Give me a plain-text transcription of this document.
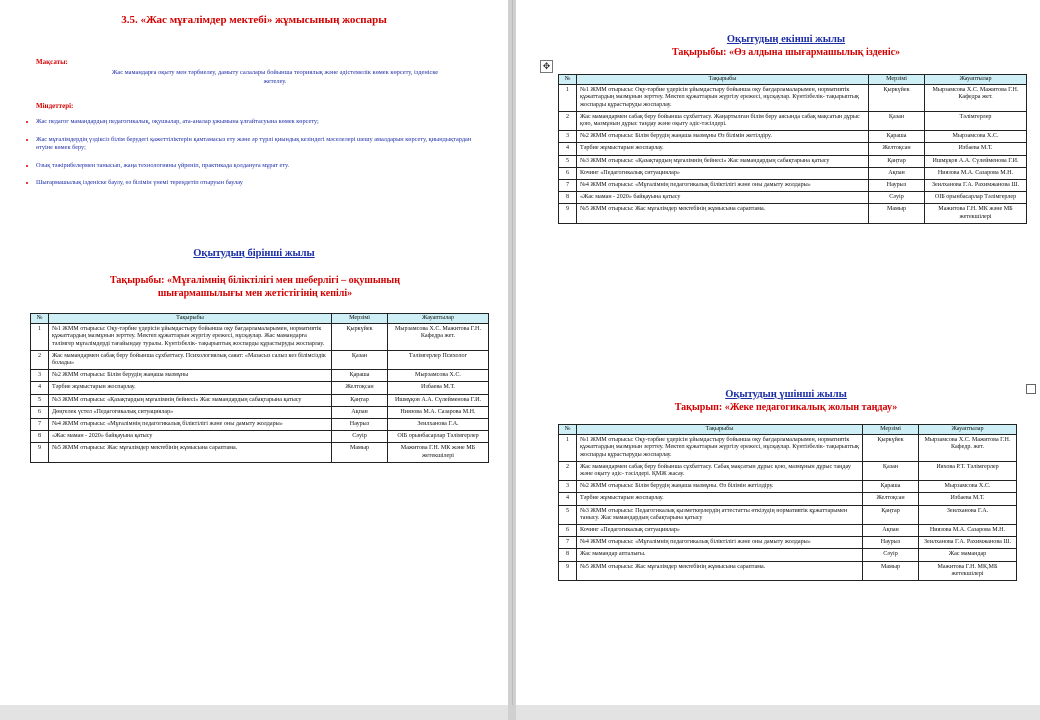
3.5. «Жас мұғалімдер мектебі» жұмысының жоспары
Мақсаты:
Жас мамандарға оқыту мен тәрбиелеу, дамыту салалары бойынша теориялық және әдістемелік көмек көрсету, ізденіске жетелеу.
Міндеттері:
• Жас педагог мамандардың педагогикалық, оқушылар, ата-аналар ұжымына ұлғайтасуына көмек көрсету;
• Жас мұғалімдердің үздіксіз білім берудегі қажеттіліктерін қамтамасыз ету және әр түрлі қиындық кезіндегі мәселелері шешу амалдарын көрсету, қиындықтардан өтуіне көмек беру;
• Озық тәжірибелермен танысып, жаңа технологияны үйреніп, практикада қолдануға мұрат ету.
• Шығармашылық ізденіске баулу, өз білімін үнемі тереңдетіп отыруын баулау
Оқытудың бірінші жылы
Тақырыбы: «Мұғалімнің біліктілігі мен шеберлігі – оқушының шығармашылығы мен жетістігінің кепілі»
№	Тақырыбы	Мерзімі	Жауаптылар
1	№1 ЖММ отырысы: Оқу-тәрбие үдерісін ұйымдастыру бойынша оқу бағдарламаларымен, нормативтік құжаттардың мазмұнын зерттеу. Мектеп құжаттарын жүргізу ережесі, нұсқаулар. Жас мамандарға тәлімгер мұғалімдерді тағайындау туралы. Күнтізбелік- тақырыптық жоспарды құрастыруды жоспарлау.	Қыркүйек	Мырзамсова Х.С. Мажитова Г.Н. Кафедра жет.
2	Жас мамандармен сабақ беру бойынша сұхбаттасу. Психологиялық саяат: «Мазасыз салыз кез білімсіздік болады»	Қазан	Тәлімгерлер Психолог
3	№2 ЖММ отырысы: Білім берудің жаңаша мазмұны	Қараша	Мырзамсова Х.С.
4	Тәрбие жұмыстарын жоспарлау.	Желтоқсан	Избаева М.Т.
5	№3 ЖММ отырысы: «Қазақтардың мұғалімнің бейнесі» Жас мамандардың сабақтарына қатысу	Қаңтар	Ишмұқов А.А. Сүлейменова Г.И.
6	Дөңгелек үстел «Педагогикалық ситуациялар»	Ақпан	Ниязова М.А. Сазарова М.Н.
7	№4 ЖММ отырысы: «Мұғалімнің педагогикалық біліктілігі және оны дамыту жолдары»	Наурыз	Зеилханова Г.А.
8	«Жас маман - 2020» байқауына қатысу	Сәуір	ОІБ орынбасарлар Тәлімгерлер
9	№5 ЖММ отырысы: Жас мұғалімдер мектебінің жұмысына сараптама.	Мамыр	Мажитова Г.Н. МК және МБ жетекшілері
Оқытудың екінші жылы
Тақырыбы: «Өз алдына шығармашылық ізденіс»
№	Тақырыбы	Мерзімі	Жауаптылар
1	№1 ЖММ отырысы: Оқу-тәрбие үдерісін ұйымдастыру бойынша оқу бағдарламаларымен, нормативтік құжаттардың мазмұнын зерттеу. Мектеп құжаттарын жүргізу ережесі, нұсқаулар. Күнтізбелік- тақырыптық жоспарды құрастыруды жоспарлау.	Қыркүйек	Мырзамсова Х.С. Мажитова Г.Н. Кафедра жет.
2	Жас мамандармен сабақ беру бойынша сұхбаттасу. Жаңартылған білім беру аясында сабақ мақсатын дұрыс қою, мазмұнын дұрыс таңдау және оқыту әдіс-тәсілдері.	Қазан	Тәлімгерлер
3	№2 ЖММ отырысы: Білім берудің жаңаша мазмұны Өз білімін жетілдіру.	Қараша	Мырзамсова Х.С.
4	Тәрбие жұмыстарын жоспарлау.	Желтоқсан	Избаева М.Т.
5	№3 ЖММ отырысы: «Қазақтардың мұғалімнің бейнесі» Жас мамандардың сабақтарына қатысу	Қаңтар	Ишмұқов А.А. Сүлейменова Г.И.
6	Кочинг «Педагогикалық ситуациялар»	Ақпан	Ниязова М.А. Сазарова М.Н.
7	№4 ЖММ отырысы: «Мұғалімнің педагогикалық біліктілігі және оны дамыту жолдары»	Наурыз	Зеилханова Г.А. Рахимжанова Ш.
8	«Жас маман - 2020» байқауына қатысу	Сәуір	ОІБ орынбасарлар Тәлімгерлер
9	№5 ЖММ отырысы: Жас мұғалімдер мектебінің жұмысына сараптама.	Мамыр	Мажитова Г.Н. МК және МБ жетекшілері
Оқытудың үшінші жылы
Тақырып: «Жеке педагогикалық жолын таңдау»
№	Тақырыбы	Мерзімі	Жауаптылар
1	№1 ЖММ отырысы: Оқу-тәрбие үдерісін ұйымдастыру бойынша оқу бағдарламаларымен, нормативтік құжаттардың мазмұнын зерттеу. Мектеп құжаттарын жүргізу ережесі, нұсқаулар. Күнтізбелік- тақырыптық жоспарды құрастыруды жоспарлау.	Қыркүйек	Мырзамсова Х.С. Мажитова Г.Н. Кафедр. жет.
2	Жас мамандармен сабақ беру бойынша сұхбаттасу. Сабақ мақсатын дұрыс қою, мазмұнын дұрыс таңдау және оқыту әдіс- тәсілдері. ҚМЖ жасау.	Қазан	Ияхова Р.Т. Тәлімгерлер
3	№2 ЖММ отырысы: Білім берудің жаңаша мазмұны. Өз білімін жетілдіру.	Қараша	Мырзамсова Х.С.
4	Тәрбие жұмыстарын жоспарлау.	Желтоқсан	Избаева М.Т.
5	№3 ЖММ отырысы: Педагогикалық қызметкерлердің аттестатты өткізудің нормативтік құжаттарымен танысу. Жас мамандардың сабақтарына қатысу	Қаңтар	Зеилханова Г.А.
6	Кочинг «Педагогикалық ситуациялар»	Ақпан	Ниязова М.А. Сазарова М.Н.
7	№4 ЖММ отырысы: «Мұғалімнің педагогикалық біліктілігі және оны дамыту жолдары»	Наурыз	Зеилханова Г.А. Рахимжанова Ш.
8	Жас мамандар апталығы.	Сәуір	Жас мамандар
9	№5 ЖММ отырысы: Жас мұғалімдер мектебінің жұмысына сараптама.	Мамыр	Мажитова Г.Н. МК,МБ жетекшілері
✥
